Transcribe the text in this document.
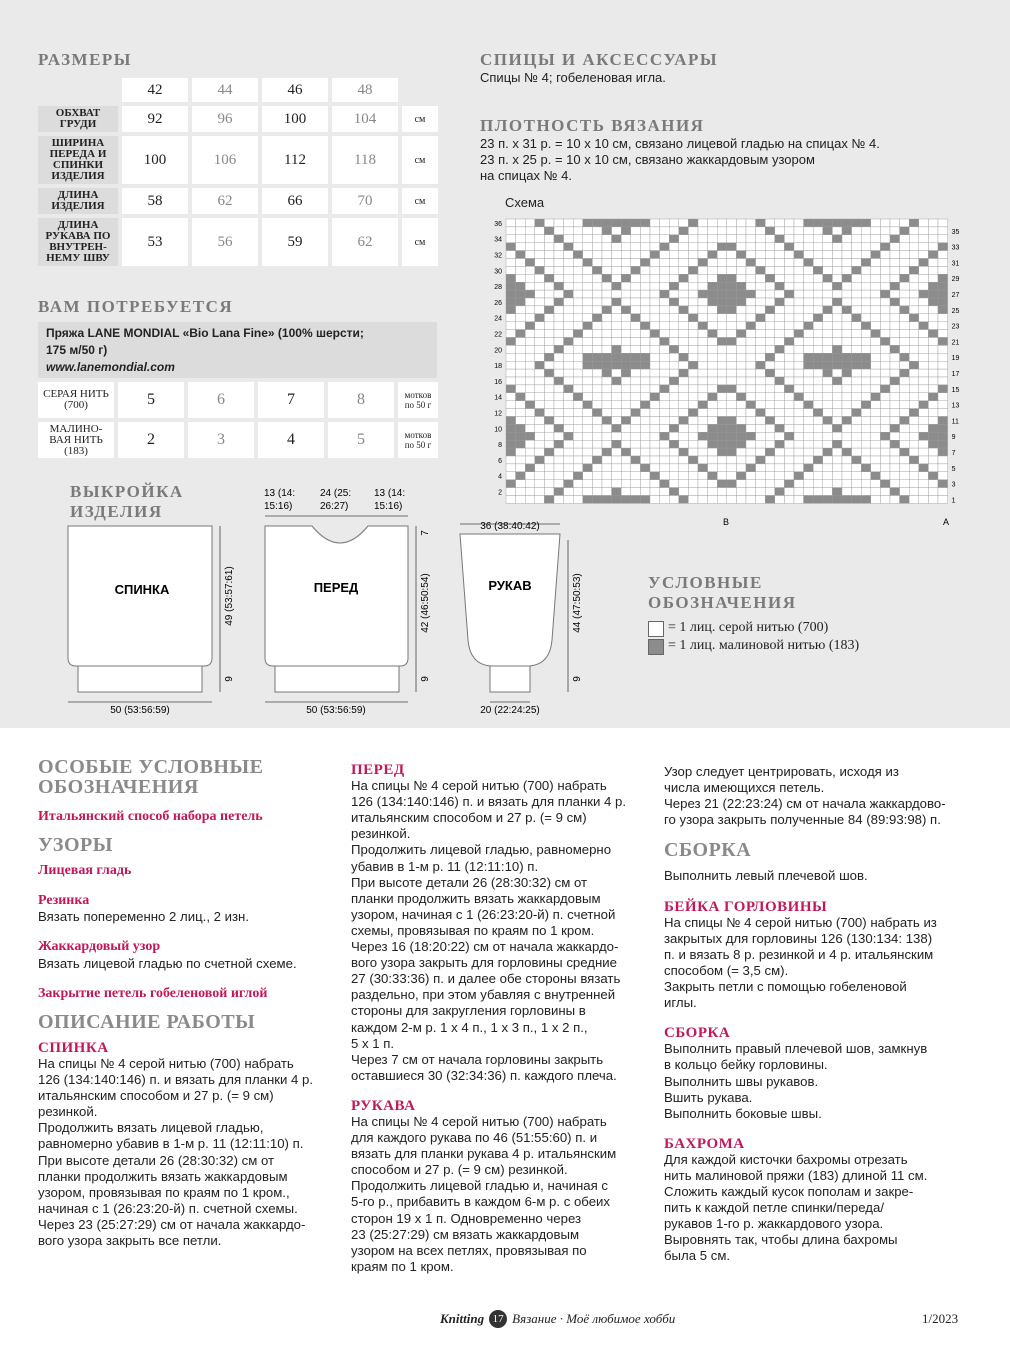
РАЗМЕРЫ
	42	44	46	48	
ОБХВАТ ГРУДИ	92	96	100	104	см
ШИРИНА ПЕРЕДА И СПИНКИ ИЗДЕЛИЯ	100	106	112	118	см
ДЛИНА ИЗДЕЛИЯ	58	62	66	70	см
ДЛИНА РУКАВА ПО ВНУТРЕН-НЕМУ ШВУ	53	56	59	62	см
СПИЦЫ И АКСЕССУАРЫ
Спицы № 4; гобеленовая игла.
ПЛОТНОСТЬ ВЯЗАНИЯ
23 п. х 31 р. = 10 х 10 см, связано лицевой гладью на спицах № 4.
23 п. х 25 р. = 10 х 10 см, связано жаккардовым узором
на спицах № 4.
Схема
36
34
32
30
28
26
24
22
20
18
16
14
12
10
8
6
4
2
35
33
31
29
27
25
23
21
19
17
15
13
11
9
7
5
3
1
B	A
ВАМ ПОТРЕБУЕТСЯ
Пряжа LANE MONDIAL «Bio Lana Fine» (100% шерсти;
175 м/50 г)
www.lanemondial.com
СЕРАЯ НИТЬ (700)	5	6	7	8	мотков по 50 г
МАЛИНО-ВАЯ НИТЬ (183)	2	3	4	5	мотков по 50 г
ВЫКРОЙКА
ИЗДЕЛИЯ
СПИНКА	ПЕРЕД	РУКАВ
50 (53:56:59)
49 (53:57:61)
9
50 (53:56:59)
42 (46:50:54)
9
7
13 (14:
15:16)
24 (25:
26:27)
13 (14:
15:16)
36 (38:40:42)
44 (47:50:53)
9
20 (22:24:25)
УСЛОВНЫЕ
ОБОЗНАЧЕНИЯ
= 1 лиц. серой нитью (700)
= 1 лиц. малиновой нитью (183)
ОСОБЫЕ УСЛОВНЫЕ ОБОЗНАЧЕНИЯ
Итальянский способ набора петель
УЗОРЫ
Лицевая гладь
Резинка

Вязать попеременно 2 лиц., 2 изн.

Жаккардовый узор

Вязать лицевой гладью по счетной схеме.

Закрытие петель гобеленовой иглой
ОПИСАНИЕ РАБОТЫ
СПИНКА
На спицы № 4 серой нитью (700) набрать
126 (134:140:146) п. и вязать для планки 4 р.
итальянским способом и 27 р. (= 9 см)
резинкой.
Продолжить вязать лицевой гладью,
равномерно убавив в 1-м р. 11 (12:11:10) п.
При высоте детали 26 (28:30:32) см от
планки продолжить вязать жаккардовым
узором, провязывая по краям по 1 кром.,
начиная с 1 (26:23:20-й) п. счетной схемы.
Через 23 (25:27:29) см от начала жаккардо-
вого узора закрыть все петли.
ПЕРЕД
На спицы № 4 серой нитью (700) набрать
126 (134:140:146) п. и вязать для планки 4 р.
итальянским способом и 27 р. (= 9 см)
резинкой.
Продолжить лицевой гладью, равномерно
убавив в 1-м р. 11 (12:11:10) п.
При высоте детали 26 (28:30:32) см от
планки продолжить вязать жаккардовым
узором, начиная с 1 (26:23:20-й) п. счетной
схемы, провязывая по краям по 1 кром.
Через 16 (18:20:22) см от начала жаккардо-
вого узора закрыть для горловины средние
27 (30:33:36) п. и далее обе стороны вязать
раздельно, при этом убавляя с внутренней
стороны для закругления горловины в
каждом 2-м р. 1 х 4 п., 1 х 3 п., 1 х 2 п.,
5 х 1 п.
Через 7 см от начала горловины закрыть
оставшиеся 30 (32:34:36) п. каждого плеча.
РУКАВА
На спицы № 4 серой нитью (700) набрать
для каждого рукава по 46 (51:55:60) п. и
вязать для планки рукава 4 р. итальянским
способом и 27 р. (= 9 см) резинкой.
Продолжить лицевой гладью и, начиная с
5-го р., прибавить в каждом 6-м р. с обеих
сторон 19 х 1 п. Одновременно через
23 (25:27:29) см вязать жаккардовым
узором на всех петлях, провязывая по
краям по 1 кром.
Узор следует центрировать, исходя из
числа имеющихся петель.
Через 21 (22:23:24) см от начала жаккардово-
го узора закрыть полученные 84 (89:93:98) п.
СБОРКА

Выполнить левый плечевой шов.

БЕЙКА ГОРЛОВИНЫ
На спицы № 4 серой нитью (700) набрать из
закрытых для горловины 126 (130:134: 138)
п. и вязать 8 р. резинкой и 4 р. итальянским
способом (= 3,5 см).
Закрыть петли с помощью гобеленовой
иглы.
СБОРКА
Выполнить правый плечевой шов, замкнув
в кольцо бейку горловины.
Выполнить швы рукавов.
Вшить рукава.
Выполнить боковые швы.
БАХРОМА
Для каждой кисточки бахромы отрезать
нить малиновой пряжи (183) длиной 11 см.
Сложить каждый кусок пополам и закре-
пить к каждой петле спинки/переда/
рукавов 1-го р. жаккардового узора.
Выровнять так, чтобы длина бахромы
была 5 см.
Knitting 17 Вязание · Моё любимое хобби	1/2023
